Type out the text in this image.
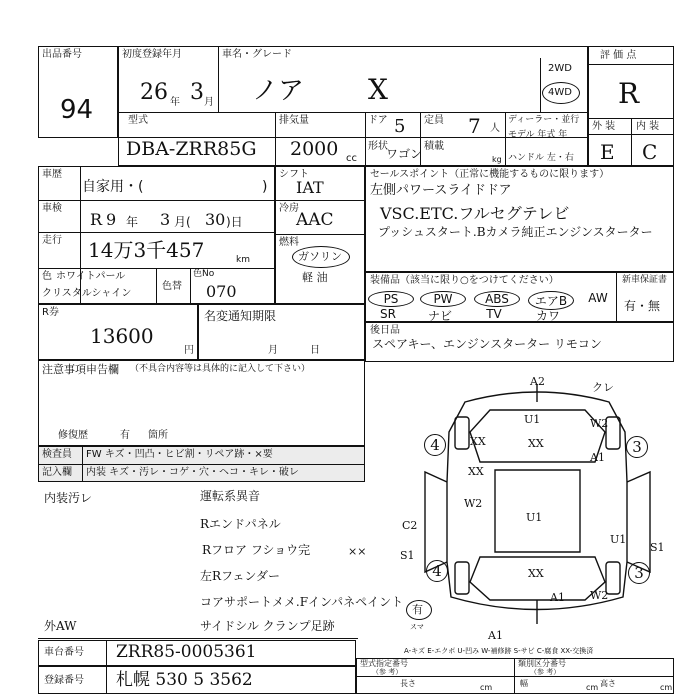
出品番号
94
初度登録年月
26 年 3 月
車名・グレード
ノア X
2WD
4WD
評 価 点
R
外 装 内 装
E C
型式
DBA-ZRR85G
排気量
2000 cc
ドア 5 定員 7 人
ディーラー・並行
モデル 年式 年
形状
ワゴン
積載
kg ハンドル 左・右
車歴
自家用・(	)
車検
R 9 年 3 月( 30 )日
走行 14万3千457	km
色 ホワイトパール
クリスタルシャイン
色替
色No
070
シフト
IAT
冷房
AAC
燃料
ガソリン
軽 油
セールスポイント（正常に機能するものに限ります）
左側パワースライドドア
VSC.ETC.フルセグテレビ
プッシュスタート.Bカメラ純正エンジンスターター
装備品（該当に限り○をつけてください）	新車保証書
有・無
PS	PW	ABS	エアB	AW
SR	ナビ	TV	カワ
後日品
スペアキー、エンジンスターター リモコン
R券
13600
円
名変通知期限
月	日
注意事項申告欄 （不具合内容等は具体的に記入して下さい）
修復歴	有 箇所
検査員
記入欄
FW キズ・凹凸・ヒビ割・リペア跡・×要
内装 キズ・汚レ・コゲ・穴・ヘコ・キレ・破レ
内装汚レ	運転系異音
Rエンドパネル
Rフロア フショウ完
左Rフェンダー
コアサポートメメ.Fインパネペイント
サイドシル クランプ足跡
××
有
スマ
外AW
A2	クレ
U1
XX	XX
W2
4	3
XX
A1
W2
U1
U1
C2
S1
S1
4	XX	3
A1 W2
A1
車台番号 ZRR85-0005361
登録番号 札幌 530 5 3562
A-キズ E-エクボ U-凹み W-補修跡 S-サビ C-腐食 XX-交換済
型式指定番号
（参 考）
類別区分番号
（参 考）
長さ	cm	幅	cm 高さ	cm
